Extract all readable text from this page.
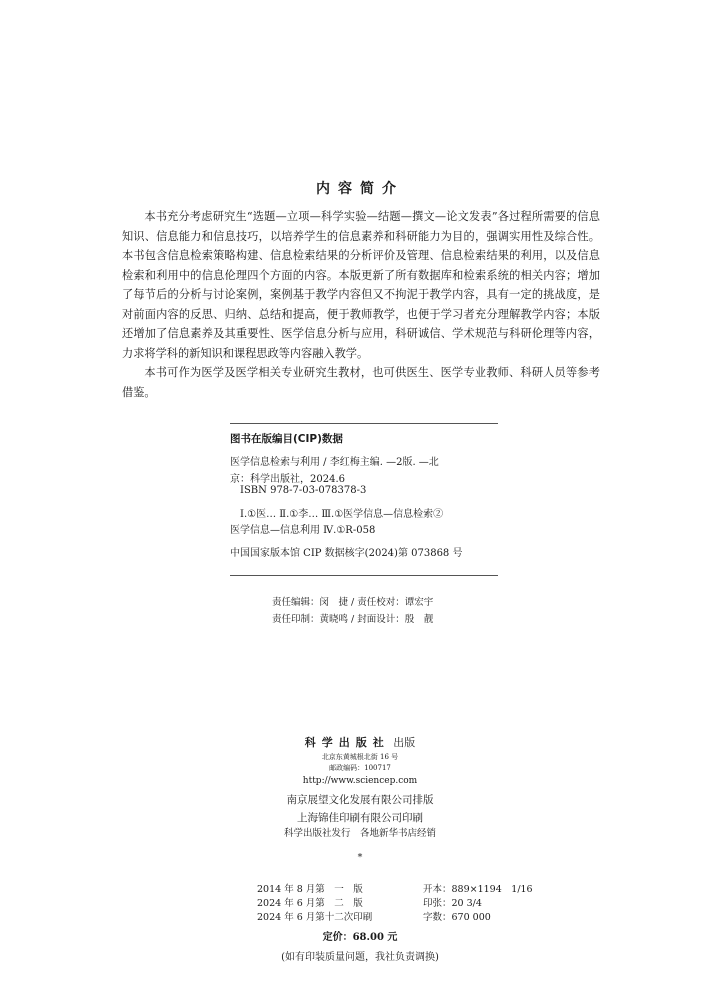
内容简介

本书充分考虑研究生“选题—立项—科学实验—结题—撰文—论文发表”各过程所需要的信息知识、信息能力和信息技巧，以培养学生的信息素养和科研能力为目的，强调实用性及综合性。本书包含信息检索策略构建、信息检索结果的分析评价及管理、信息检索结果的利用，以及信息检索和利用中的信息伦理四个方面的内容。本版更新了所有数据库和检索系统的相关内容；增加了每节后的分析与讨论案例，案例基于教学内容但又不拘泥于教学内容，具有一定的挑战度，是对前面内容的反思、归纳、总结和提高，便于教师教学，也便于学习者充分理解教学内容；本版还增加了信息素养及其重要性、医学信息分析与应用，科研诚信、学术规范与科研伦理等内容，力求将学科的新知识和课程思政等内容融入教学。

本书可作为医学及医学相关专业研究生教材，也可供医生、医学专业教师、科研人员等参考借鉴。

图书在版编目(CIP)数据
医学信息检索与利用 / 李红梅主编. —2版. —北
京：科学出版社，2024.6
ISBN 978-7-03-078378-3
Ⅰ.①医… Ⅱ.①李… Ⅲ.①医学信息—信息检索②
医学信息—信息利用 Ⅳ.①R-058
中国国家版本馆 CIP 数据核字(2024)第 073868 号
责任编辑：闵　捷 / 责任校对：谭宏宇
责任印制：黄晓鸣 / 封面设计：殷　靓
科学出版社 出版
北京东黄城根北街 16 号
邮政编码：100717
http://www.sciencep.com
南京展望文化发展有限公司排版
上海锦佳印刷有限公司印刷
科学出版社发行　各地新华书店经销
*
2014 年 8 月第　一　版	开本：889×1194　1/16
2024 年 6 月第　二　版	印张：20 3/4
2024 年 6 月第十二次印刷	字数：670 000
定价：68.00 元
(如有印装质量问题，我社负责调换)
